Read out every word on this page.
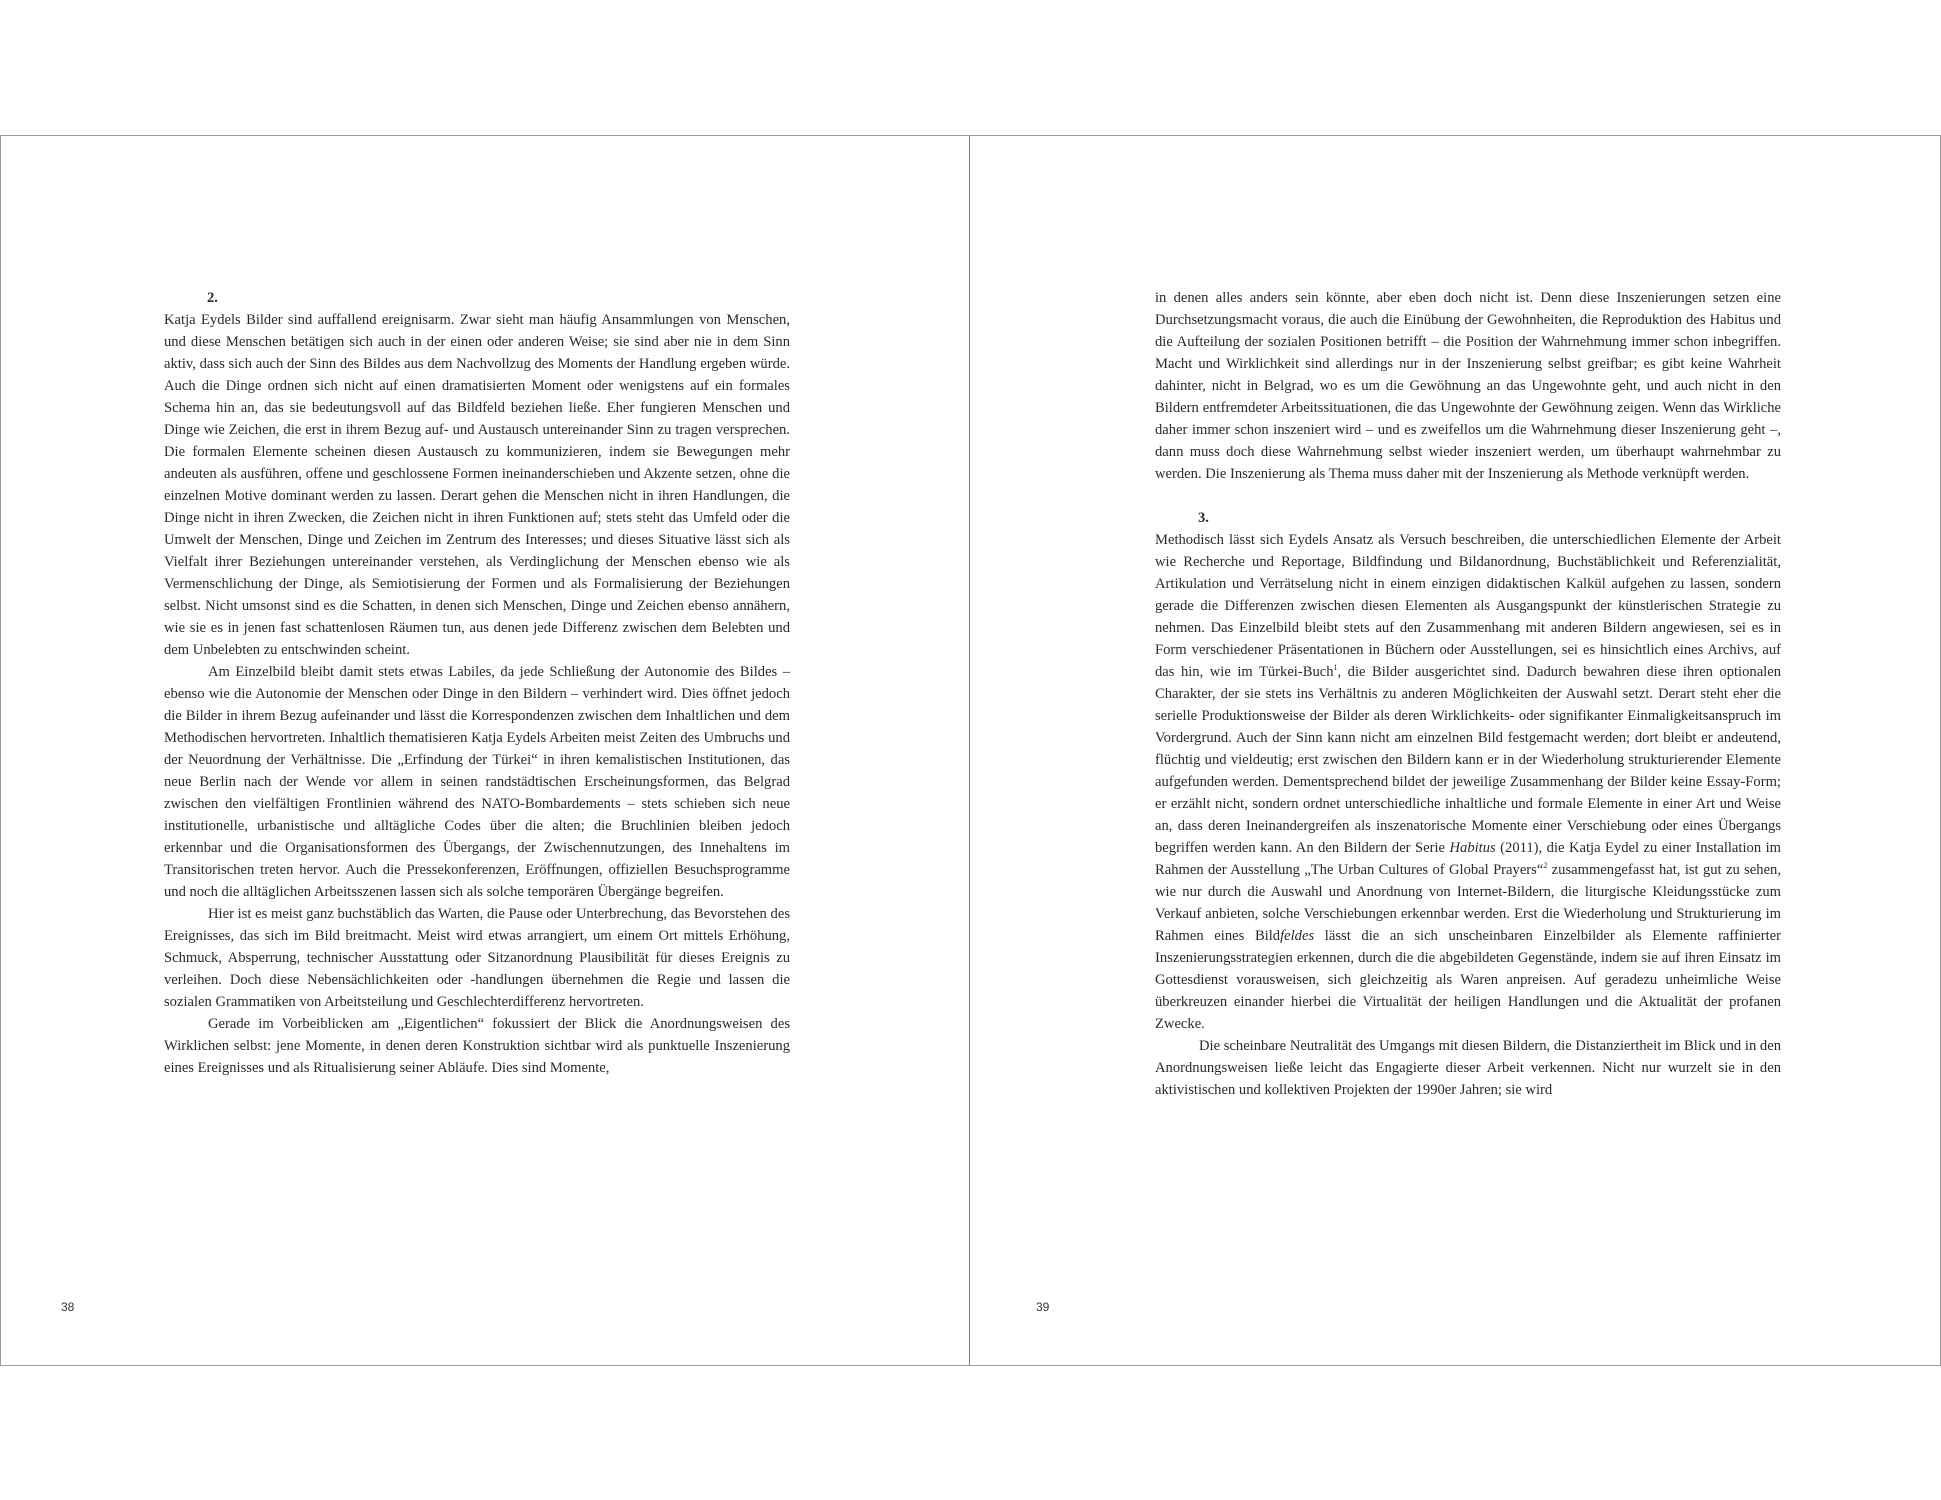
2.

Katja Eydels Bilder sind auffallend ereignisarm. Zwar sieht man häufig Ansammlungen von Menschen, und diese Menschen betätigen sich auch in der einen oder anderen Weise; sie sind aber nie in dem Sinn aktiv, dass sich auch der Sinn des Bildes aus dem Nachvollzug des Moments der Handlung ergeben würde. Auch die Dinge ordnen sich nicht auf einen dramatisierten Moment oder wenigstens auf ein formales Schema hin an, das sie bedeutungsvoll auf das Bildfeld beziehen ließe. Eher fungieren Menschen und Dinge wie Zeichen, die erst in ihrem Bezug auf- und Austausch untereinander Sinn zu tragen versprechen. Die formalen Elemente scheinen diesen Austausch zu kommunizieren, indem sie Bewegungen mehr andeuten als ausführen, offene und geschlossene Formen ineinanderschieben und Akzente setzen, ohne die einzelnen Motive dominant werden zu lassen. Derart gehen die Menschen nicht in ihren Handlungen, die Dinge nicht in ihren Zwecken, die Zeichen nicht in ihren Funktionen auf; stets steht das Umfeld oder die Umwelt der Menschen, Dinge und Zeichen im Zentrum des Interesses; und dieses Situative lässt sich als Vielfalt ihrer Beziehungen untereinander verstehen, als Verdinglichung der Menschen ebenso wie als Vermenschlichung der Dinge, als Semiotisierung der Formen und als Formalisierung der Beziehungen selbst. Nicht umsonst sind es die Schatten, in denen sich Menschen, Dinge und Zeichen ebenso annähern, wie sie es in jenen fast schattenlosen Räumen tun, aus denen jede Differenz zwischen dem Belebten und dem Unbelebten zu entschwinden scheint.

Am Einzelbild bleibt damit stets etwas Labiles, da jede Schließung der Autonomie des Bildes – ebenso wie die Autonomie der Menschen oder Dinge in den Bildern – verhindert wird. Dies öffnet jedoch die Bilder in ihrem Bezug aufeinander und lässt die Korrespondenzen zwischen dem Inhaltlichen und dem Methodischen hervortreten. Inhaltlich thematisieren Katja Eydels Arbeiten meist Zeiten des Umbruchs und der Neuordnung der Verhältnisse. Die „Erfindung der Türkei“ in ihren kemalistischen Institutionen, das neue Berlin nach der Wende vor allem in seinen randstädtischen Erscheinungsformen, das Belgrad zwischen den vielfältigen Frontlinien während des NATO-Bombardements – stets schieben sich neue institutionelle, urbanistische und alltägliche Codes über die alten; die Bruchlinien bleiben jedoch erkennbar und die Organisationsformen des Übergangs, der Zwischennutzungen, des Innehaltens im Transitorischen treten hervor. Auch die Pressekonferenzen, Eröffnungen, offiziellen Besuchsprogramme und noch die alltäglichen Arbeitsszenen lassen sich als solche temporären Übergänge begreifen.

Hier ist es meist ganz buchstäblich das Warten, die Pause oder Unterbrechung, das Bevorstehen des Ereignisses, das sich im Bild breitmacht. Meist wird etwas arrangiert, um einem Ort mittels Erhöhung, Schmuck, Absperrung, technischer Ausstattung oder Sitzanordnung Plausibilität für dieses Ereignis zu verleihen. Doch diese Nebensächlichkeiten oder -handlungen übernehmen die Regie und lassen die sozialen Grammatiken von Arbeitsteilung und Geschlechterdifferenz hervortreten.

Gerade im Vorbeiblicken am „Eigentlichen“ fokussiert der Blick die Anordnungsweisen des Wirklichen selbst: jene Momente, in denen deren Konstruktion sichtbar wird als punktuelle Inszenierung eines Ereignisses und als Ritualisierung seiner Abläufe. Dies sind Momente,

38

in denen alles anders sein könnte, aber eben doch nicht ist. Denn diese Inszenierungen setzen eine Durchsetzungsmacht voraus, die auch die Einübung der Gewohnheiten, die Reproduktion des Habitus und die Aufteilung der sozialen Positionen betrifft – die Position der Wahrnehmung immer schon inbegriffen. Macht und Wirklichkeit sind allerdings nur in der Inszenierung selbst greifbar; es gibt keine Wahrheit dahinter, nicht in Belgrad, wo es um die Gewöhnung an das Ungewohnte geht, und auch nicht in den Bildern entfremdeter Arbeitssituationen, die das Ungewohnte der Gewöhnung zeigen. Wenn das Wirkliche daher immer schon inszeniert wird – und es zweifellos um die Wahrnehmung dieser Inszenierung geht –, dann muss doch diese Wahrnehmung selbst wieder inszeniert werden, um überhaupt wahrnehmbar zu werden. Die Inszenierung als Thema muss daher mit der Inszenierung als Methode verknüpft werden.

3.

Methodisch lässt sich Eydels Ansatz als Versuch beschreiben, die unterschiedlichen Elemente der Arbeit wie Recherche und Reportage, Bildfindung und Bildanordnung, Buchstäblichkeit und Referenzialität, Artikulation und Verrätselung nicht in einem einzigen didaktischen Kalkül aufgehen zu lassen, sondern gerade die Differenzen zwischen diesen Elementen als Ausgangspunkt der künstlerischen Strategie zu nehmen. Das Einzelbild bleibt stets auf den Zusammenhang mit anderen Bildern angewiesen, sei es in Form verschiedener Präsentationen in Büchern oder Ausstellungen, sei es hinsichtlich eines Archivs, auf das hin, wie im Türkei-Buch$^1$, die Bilder ausgerichtet sind. Dadurch bewahren diese ihren optionalen Charakter, der sie stets ins Verhältnis zu anderen Möglichkeiten der Auswahl setzt. Derart steht eher die serielle Produktionsweise der Bilder als deren Wirklichkeits- oder signifikanter Einmaligkeitsanspruch im Vordergrund. Auch der Sinn kann nicht am einzelnen Bild festgemacht werden; dort bleibt er andeutend, flüchtig und vieldeutig; erst zwischen den Bildern kann er in der Wiederholung strukturierender Elemente aufgefunden werden. Dementsprechend bildet der jeweilige Zusammenhang der Bilder keine Essay-Form; er erzählt nicht, sondern ordnet unterschiedliche inhaltliche und formale Elemente in einer Art und Weise an, dass deren Ineinandergreifen als inszenatorische Momente einer Verschiebung oder eines Übergangs begriffen werden kann. An den Bildern der Serie Habitus (2011), die Katja Eydel zu einer Installation im Rahmen der Ausstellung „The Urban Cultures of Global Prayers“$^2$ zusammengefasst hat, ist gut zu sehen, wie nur durch die Auswahl und Anordnung von Internet-Bildern, die liturgische Kleidungsstücke zum Verkauf anbieten, solche Verschiebungen erkennbar werden. Erst die Wiederholung und Strukturierung im Rahmen eines Bildfeldes lässt die an sich unscheinbaren Einzelbilder als Elemente raffinierter Inszenierungsstrategien erkennen, durch die die abgebildeten Gegenstände, indem sie auf ihren Einsatz im Gottesdienst vorausweisen, sich gleichzeitig als Waren anpreisen. Auf geradezu unheimliche Weise überkreuzen einander hierbei die Virtualität der heiligen Handlungen und die Aktualität der profanen Zwecke.

Die scheinbare Neutralität des Umgangs mit diesen Bildern, die Distanziertheit im Blick und in den Anordnungsweisen ließe leicht das Engagierte dieser Arbeit verkennen. Nicht nur wurzelt sie in den aktivistischen und kollektiven Projekten der 1990er Jahren; sie wird

39
